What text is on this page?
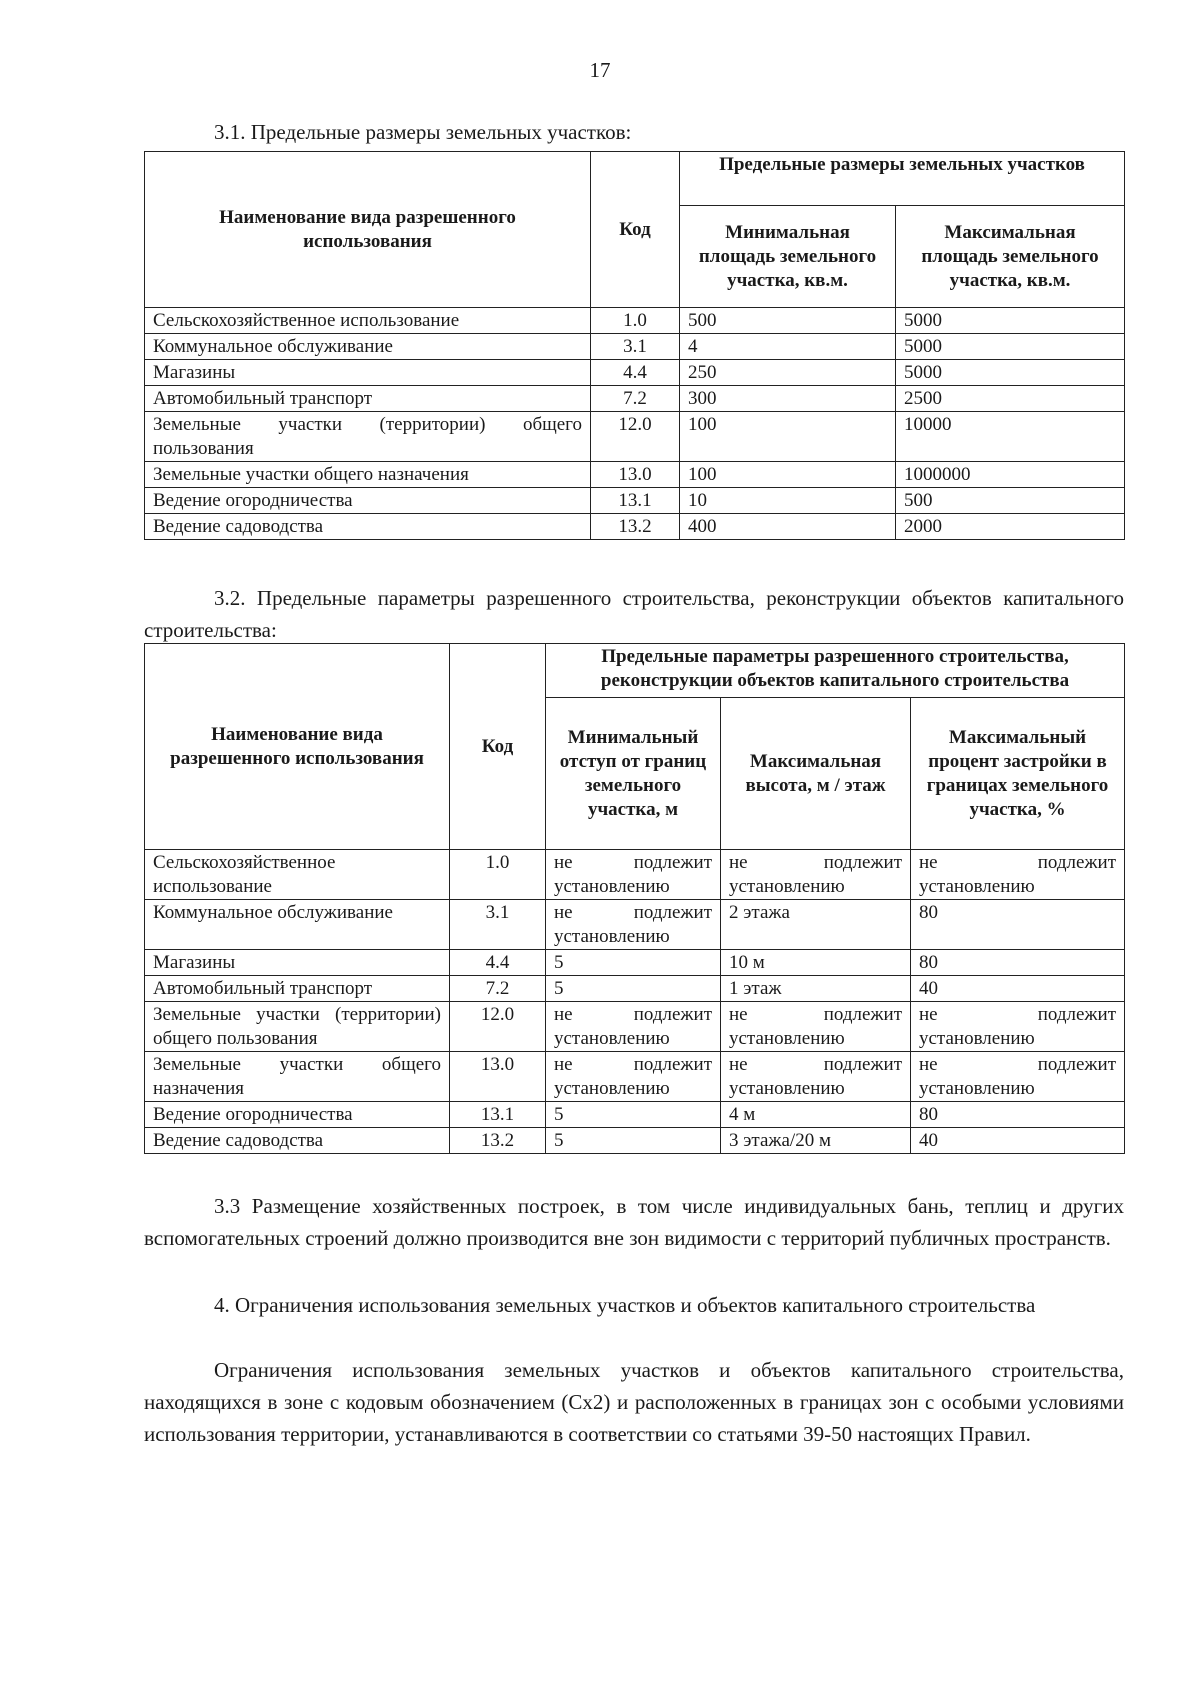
17
3.1. Предельные размеры земельных участков:
Наименование вида разрешенного использования	Код	Предельные размеры земельных участков	
		Минимальная площадь земельного участка, кв.м.	Максимальная площадь земельного участка, кв.м.
Сельскохозяйственное использование	1.0	500	5000
Коммунальное обслуживание	3.1	4	5000
Магазины	4.4	250	5000
Автомобильный транспорт	7.2	300	2500
Земельные участки (территории) общего пользования	12.0	100	10000
Земельные участки общего назначения	13.0	100	1000000
Ведение огородничества	13.1	10	500
Ведение садоводства	13.2	400	2000
3.2. Предельные параметры разрешенного строительства, реконструкции объектов капитального строительства:
Наименование вида разрешенного использования	Код	Предельные параметры разрешенного строительства, реконструкции объектов капитального строительства		
		Минимальный отступ от границ земельного участка, м	Максимальная высота, м / этаж	Максимальный процент застройки в границах земельного участка, %
Сельскохозяйственное использование	1.0	не подлежит установлению	не подлежит установлению	не подлежит установлению
Коммунальное обслуживание	3.1	не подлежит установлению	2 этажа	80
Магазины	4.4	5	10 м	80
Автомобильный транспорт	7.2	5	1 этаж	40
Земельные участки (территории) общего пользования	12.0	не подлежит установлению	не подлежит установлению	не подлежит установлению
Земельные участки общего назначения	13.0	не подлежит установлению	не подлежит установлению	не подлежит установлению
Ведение огородничества	13.1	5	4 м	80
Ведение садоводства	13.2	5	3 этажа/20 м	40
3.3 Размещение хозяйственных построек, в том числе индивидуальных бань, теплиц и других вспомогательных строений должно производится вне зон видимости с территорий публичных пространств.
4. Ограничения использования земельных участков и объектов капитального строительства
Ограничения использования земельных участков и объектов капитального строительства, находящихся в зоне с кодовым обозначением (Сх2) и расположенных в границах зон с особыми условиями использования территории, устанавливаются в соответствии со статьями 39-50 настоящих Правил.
